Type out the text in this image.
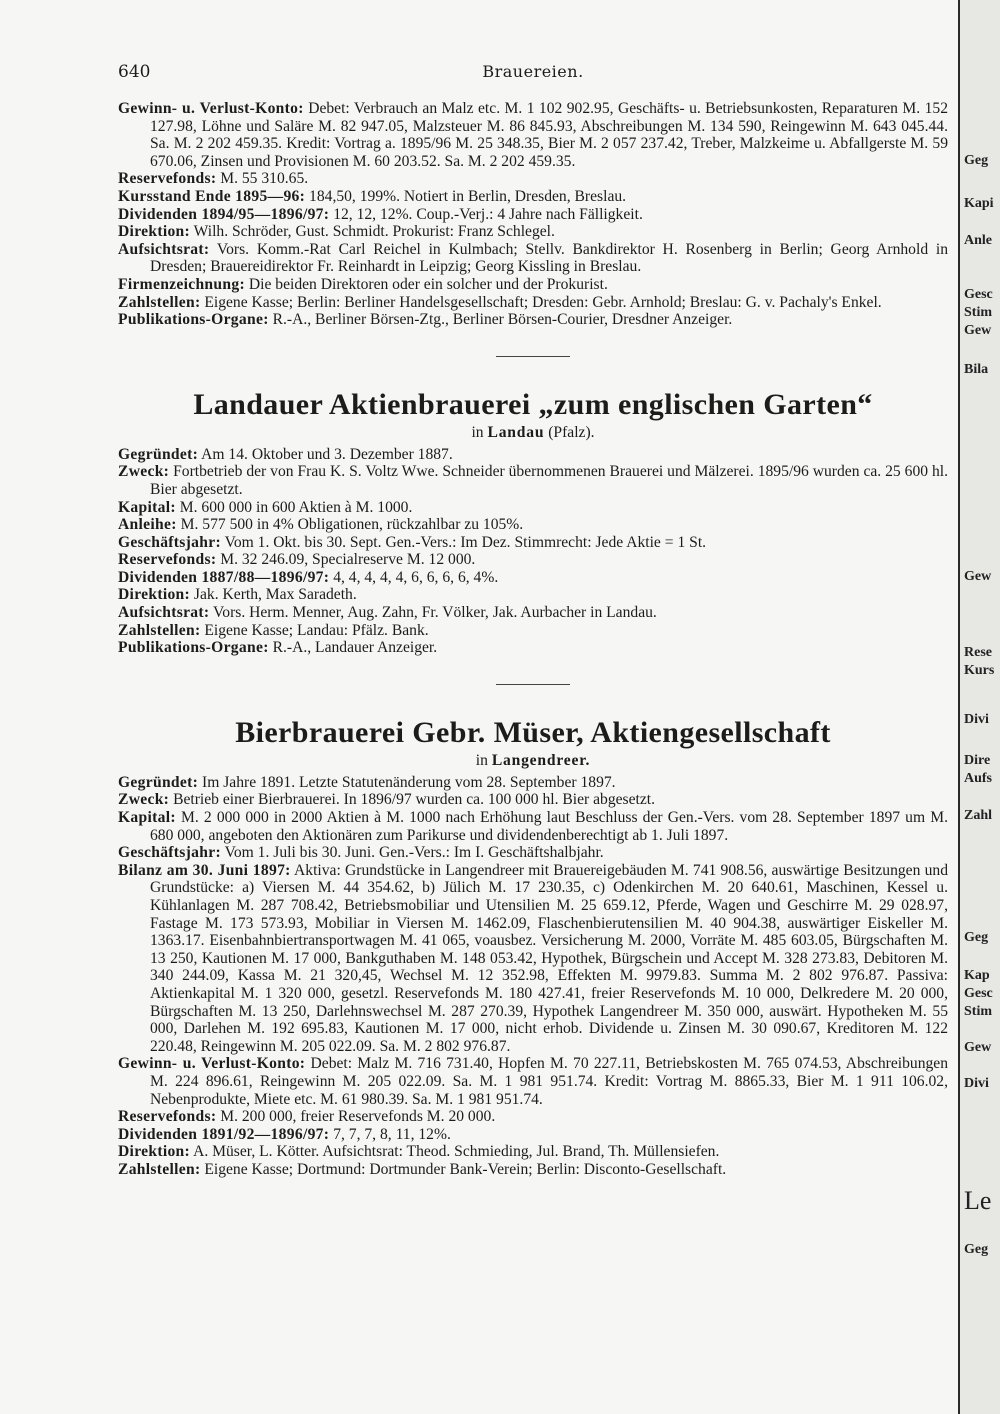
640	Brauereien.

Gewinn- u. Verlust-Konto: Debet: Verbrauch an Malz etc. M. 1 102 902.95, Geschäfts- u. Betriebsunkosten, Reparaturen M. 152 127.98, Löhne und Saläre M. 82 947.05, Malzsteuer M. 86 845.93, Abschreibungen M. 134 590, Reingewinn M. 643 045.44. Sa. M. 2 202 459.35. Kredit: Vortrag a. 1895/96 M. 25 348.35, Bier M. 2 057 237.42, Treber, Malzkeime u. Abfallgerste M. 59 670.06, Zinsen und Provisionen M. 60 203.52. Sa. M. 2 202 459.35.

Reservefonds: M. 55 310.65.

Kursstand Ende 1895—96: 184,50, 199%. Notiert in Berlin, Dresden, Breslau.

Dividenden 1894/95—1896/97: 12, 12, 12%. Coup.-Verj.: 4 Jahre nach Fälligkeit.

Direktion: Wilh. Schröder, Gust. Schmidt. Prokurist: Franz Schlegel.

Aufsichtsrat: Vors. Komm.-Rat Carl Reichel in Kulmbach; Stellv. Bankdirektor H. Rosenberg in Berlin; Georg Arnhold in Dresden; Brauereidirektor Fr. Reinhardt in Leipzig; Georg Kissling in Breslau.

Firmenzeichnung: Die beiden Direktoren oder ein solcher und der Prokurist.

Zahlstellen: Eigene Kasse; Berlin: Berliner Handelsgesellschaft; Dresden: Gebr. Arnhold; Breslau: G. v. Pachaly's Enkel.

Publikations-Organe: R.-A., Berliner Börsen-Ztg., Berliner Börsen-Courier, Dresdner Anzeiger.

Landauer Aktienbrauerei „zum englischen Garten“

in Landau (Pfalz).

Gegründet: Am 14. Oktober und 3. Dezember 1887.

Zweck: Fortbetrieb der von Frau K. S. Voltz Wwe. Schneider übernommenen Brauerei und Mälzerei. 1895/96 wurden ca. 25 600 hl. Bier abgesetzt.

Kapital: M. 600 000 in 600 Aktien à M. 1000.

Anleihe: M. 577 500 in 4% Obligationen, rückzahlbar zu 105%.

Geschäftsjahr: Vom 1. Okt. bis 30. Sept. Gen.-Vers.: Im Dez. Stimmrecht: Jede Aktie = 1 St.

Reservefonds: M. 32 246.09, Specialreserve M. 12 000.

Dividenden 1887/88—1896/97: 4, 4, 4, 4, 4, 6, 6, 6, 6, 4%.

Direktion: Jak. Kerth, Max Saradeth.

Aufsichtsrat: Vors. Herm. Menner, Aug. Zahn, Fr. Völker, Jak. Aurbacher in Landau.

Zahlstellen: Eigene Kasse; Landau: Pfälz. Bank.

Publikations-Organe: R.-A., Landauer Anzeiger.

Bierbrauerei Gebr. Müser, Aktiengesellschaft

in Langendreer.

Gegründet: Im Jahre 1891. Letzte Statutenänderung vom 28. September 1897.

Zweck: Betrieb einer Bierbrauerei. In 1896/97 wurden ca. 100 000 hl. Bier abgesetzt.

Kapital: M. 2 000 000 in 2000 Aktien à M. 1000 nach Erhöhung laut Beschluss der Gen.-Vers. vom 28. September 1897 um M. 680 000, angeboten den Aktionären zum Parikurse und dividendenberechtigt ab 1. Juli 1897.

Geschäftsjahr: Vom 1. Juli bis 30. Juni. Gen.-Vers.: Im I. Geschäftshalbjahr.

Bilanz am 30. Juni 1897: Aktiva: Grundstücke in Langendreer mit Brauereigebäuden M. 741 908.56, auswärtige Besitzungen und Grundstücke: a) Viersen M. 44 354.62, b) Jülich M. 17 230.35, c) Odenkirchen M. 20 640.61, Maschinen, Kessel u. Kühlanlagen M. 287 708.42, Betriebsmobiliar und Utensilien M. 25 659.12, Pferde, Wagen und Geschirre M. 29 028.97, Fastage M. 173 573.93, Mobiliar in Viersen M. 1462.09, Flaschenbierutensilien M. 40 904.38, auswärtiger Eiskeller M. 1363.17. Eisenbahnbiertransportwagen M. 41 065, voausbez. Versicherung M. 2000, Vorräte M. 485 603.05, Bürgschaften M. 13 250, Kautionen M. 17 000, Bankguthaben M. 148 053.42, Hypothek, Bürgschein und Accept M. 328 273.83, Debitoren M. 340 244.09, Kassa M. 21 320,45, Wechsel M. 12 352.98, Effekten M. 9979.83. Summa M. 2 802 976.87. Passiva: Aktienkapital M. 1 320 000, gesetzl. Reservefonds M. 180 427.41, freier Reservefonds M. 10 000, Delkredere M. 20 000, Bürgschaften M. 13 250, Darlehnswechsel M. 287 270.39, Hypothek Langendreer M. 350 000, auswärt. Hypotheken M. 55 000, Darlehen M. 192 695.83, Kautionen M. 17 000, nicht erhob. Dividende u. Zinsen M. 30 090.67, Kreditoren M. 122 220.48, Reingewinn M. 205 022.09. Sa. M. 2 802 976.87.

Gewinn- u. Verlust-Konto: Debet: Malz M. 716 731.40, Hopfen M. 70 227.11, Betriebskosten M. 765 074.53, Abschreibungen M. 224 896.61, Reingewinn M. 205 022.09. Sa. M. 1 981 951.74. Kredit: Vortrag M. 8865.33, Bier M. 1 911 106.02, Nebenprodukte, Miete etc. M. 61 980.39. Sa. M. 1 981 951.74.

Reservefonds: M. 200 000, freier Reservefonds M. 20 000.

Dividenden 1891/92—1896/97: 7, 7, 7, 8, 11, 12%.

Direktion: A. Müser, L. Kötter. Aufsichtsrat: Theod. Schmieding, Jul. Brand, Th. Müllensiefen.

Zahlstellen: Eigene Kasse; Dortmund: Dortmunder Bank-Verein; Berlin: Disconto-Gesellschaft.

Geg
Kapi
Anle
Gesc
Stim
Gew
Bila
Gew
Rese
Kurs
Divi
Dire
Aufs
Zahl
Geg
Kap
Gesc
Stim
Gew
Divi
Le
Geg
